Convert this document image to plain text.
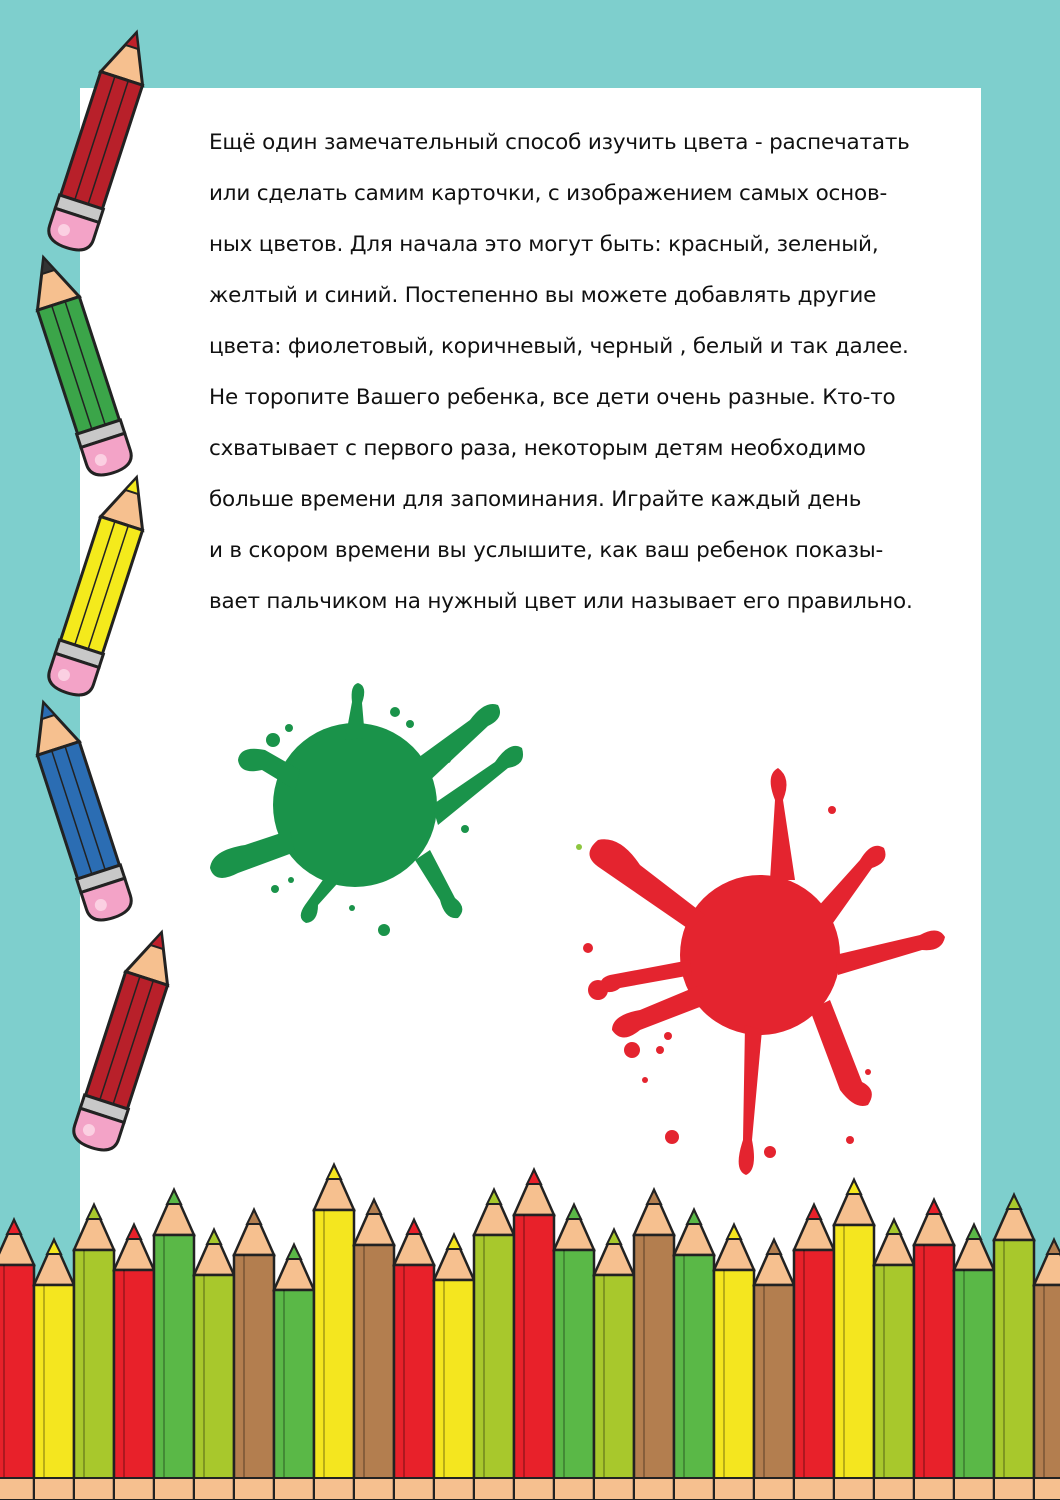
Ещё один замечательный способ изучить цвета - распечатать
или сделать самим карточки, с изображением самых основ-
ных цветов. Для начала это могут быть: красный, зеленый,
желтый и синий. Постепенно вы можете добавлять другие
цвета: фиолетовый, коричневый, черный , белый и так далее.
Не торопите Вашего ребенка, все дети очень разные. Кто-то
схватывает с первого раза, некоторым детям необходимо
больше времени для запоминания. Играйте каждый день
и в скором времени вы услышите, как ваш ребенок показы-
вает пальчиком на нужный цвет или называет его правильно.
